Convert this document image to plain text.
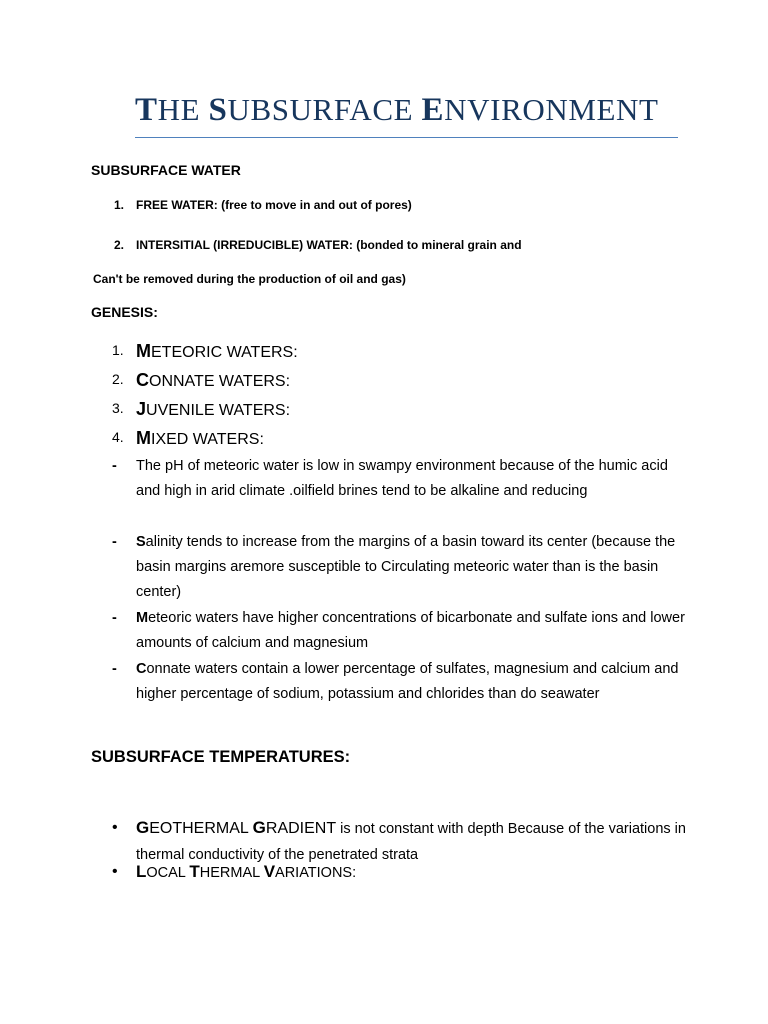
THE SUBSURFACE ENVIRONMENT
SUBSURFACE WATER
1. FREE WATER: (free to move in and out of pores)
2. INTERSITIAL (IRREDUCIBLE) WATER: (bonded to mineral grain and
Can't be removed during the production of oil and gas)
GENESIS:
1. METEORIC WATERS:
2. CONNATE WATERS:
3. JUVENILE WATERS:
4. MIXED WATERS:
- The pH of meteoric water is low in swampy environment because of the humic acid and high in arid climate .oilfield brines tend to be alkaline and reducing
- Salinity tends to increase from the margins of a basin toward its center (because the basin margins aremore susceptible to Circulating meteoric water than is the basin center)
- Meteoric waters have higher concentrations of bicarbonate and sulfate ions and lower amounts of calcium and magnesium
- Connate waters contain a lower percentage of sulfates, magnesium and calcium and higher percentage of sodium, potassium and chlorides than do seawater
SUBSURFACE TEMPERATURES:
• GEOTHERMAL GRADIENT is not constant with depth Because of the variations in thermal conductivity of the penetrated strata
• LOCAL THERMAL VARIATIONS:
